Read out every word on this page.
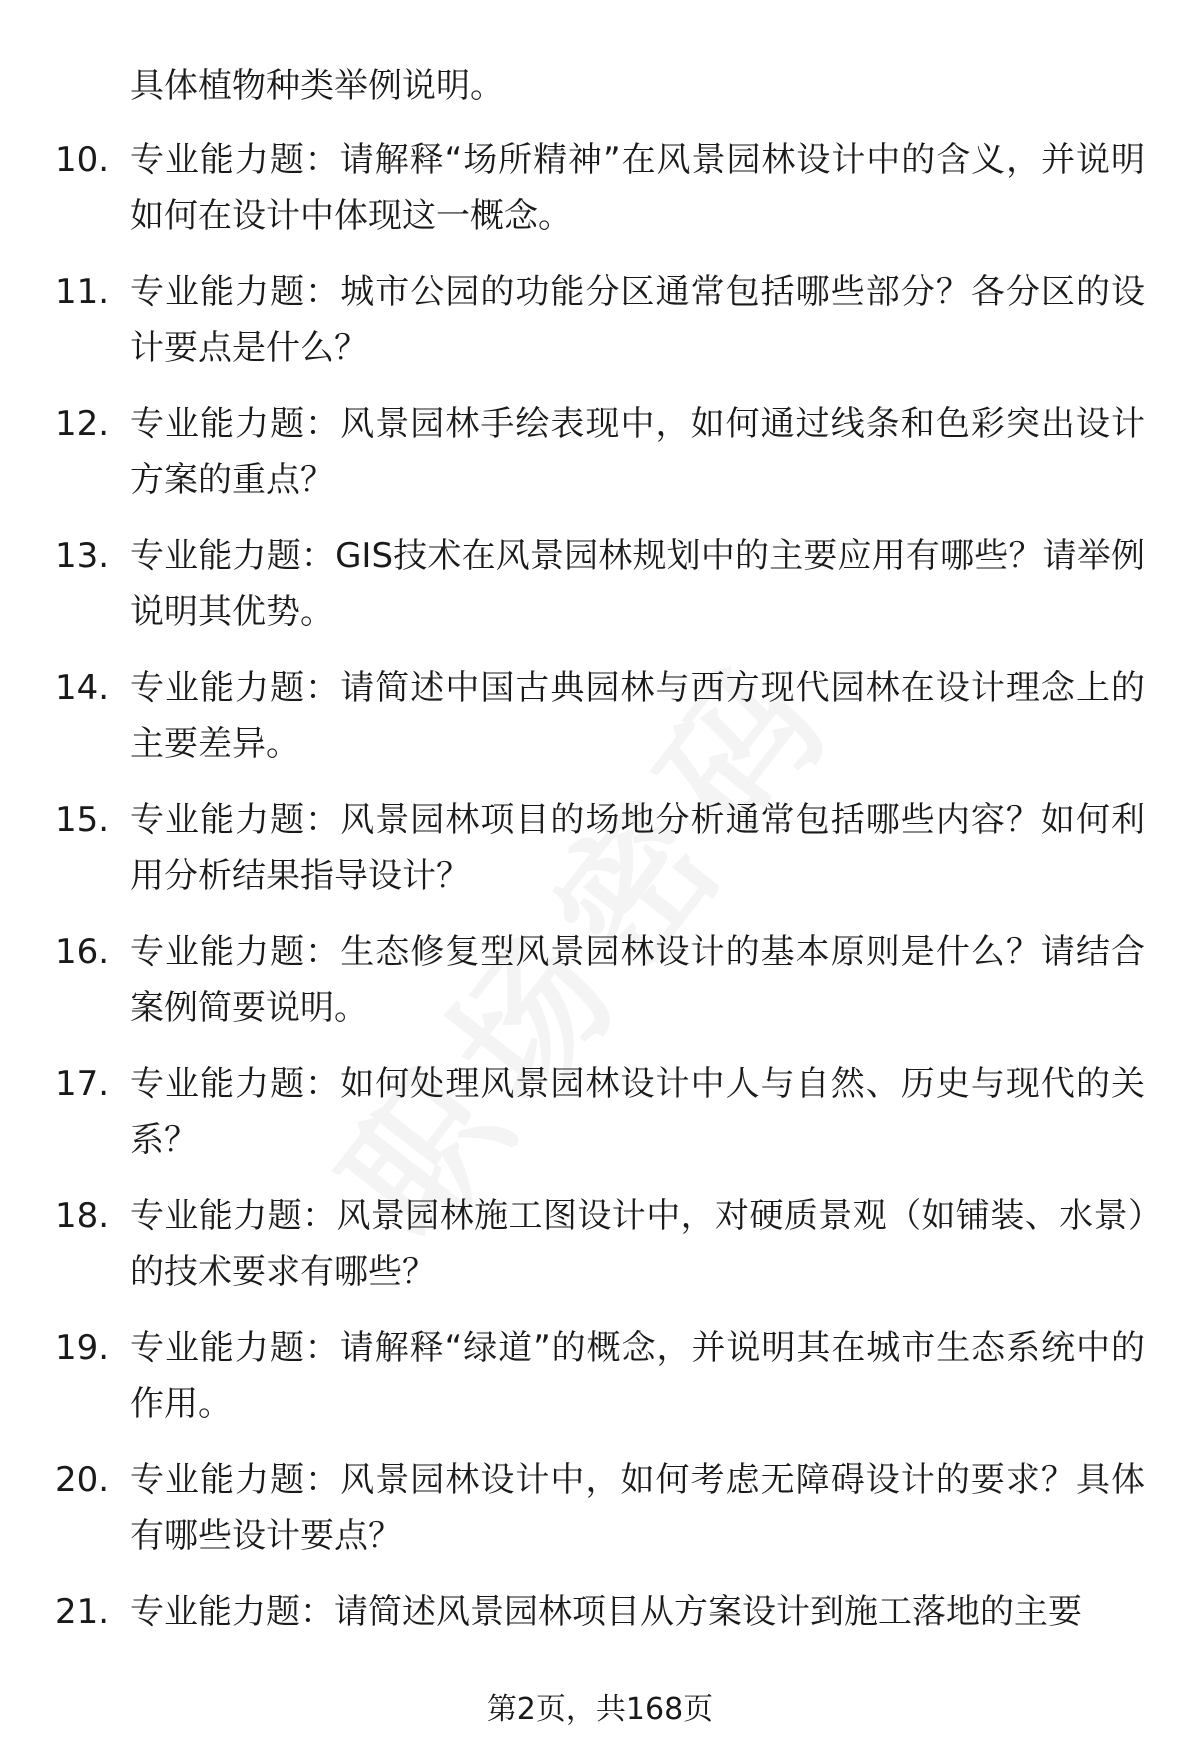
具体植物种类举例说明。
10. 专业能力题：请解释“场所精神”在风景园林设计中的含义，并说明如何在设计中体现这一概念。
11. 专业能力题：城市公园的功能分区通常包括哪些部分？各分区的设计要点是什么？
12. 专业能力题：风景园林手绘表现中，如何通过线条和色彩突出设计方案的重点？
13. 专业能力题：GIS技术在风景园林规划中的主要应用有哪些？请举例说明其优势。
14. 专业能力题：请简述中国古典园林与西方现代园林在设计理念上的主要差异。
15. 专业能力题：风景园林项目的场地分析通常包括哪些内容？如何利用分析结果指导设计？
16. 专业能力题：生态修复型风景园林设计的基本原则是什么？请结合案例简要说明。
17. 专业能力题：如何处理风景园林设计中人与自然、历史与现代的关系？
18. 专业能力题：风景园林施工图设计中，对硬质景观（如铺装、水景）的技术要求有哪些？
19. 专业能力题：请解释“绿道”的概念，并说明其在城市生态系统中的作用。
20. 专业能力题：风景园林设计中，如何考虑无障碍设计的要求？具体有哪些设计要点？
21. 专业能力题：请简述风景园林项目从方案设计到施工落地的主要
第2页，共168页
